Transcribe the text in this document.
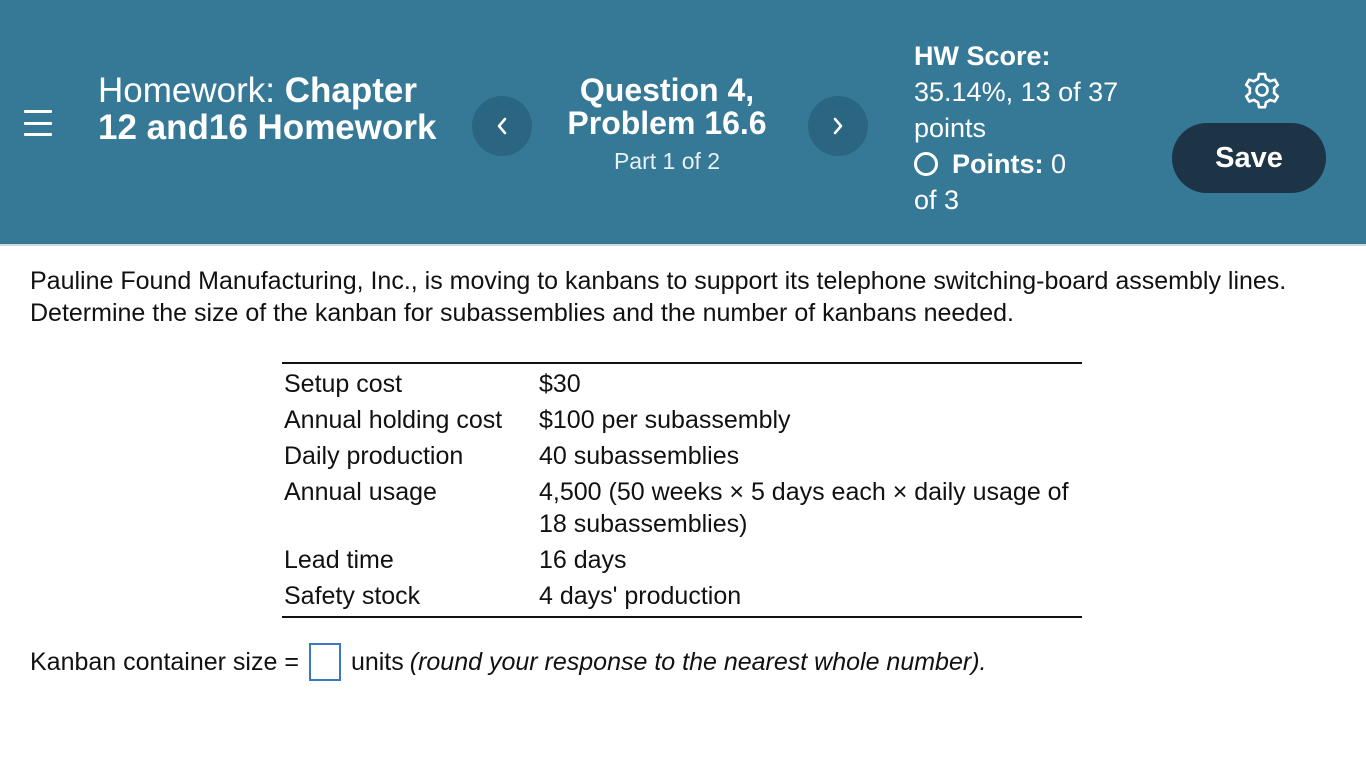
Homework: Chapter 12 and16 Homework
Question 4, Problem 16.6
Part 1 of 2
HW Score:
35.14%, 13 of 37 points
Points: 0
of 3
Save
Pauline Found Manufacturing, Inc., is moving to kanbans to support its telephone switching-board assembly lines. Determine the size of the kanban for subassemblies and the number of kanbans needed.
Setup cost	$30
Annual holding cost	$100 per subassembly
Daily production	40 subassemblies
Annual usage	4,500 (50 weeks × 5 days each × daily usage of 18 subassemblies)
Lead time	16 days
Safety stock	4 days' production
Kanban container size = units (round your response to the nearest whole number).
